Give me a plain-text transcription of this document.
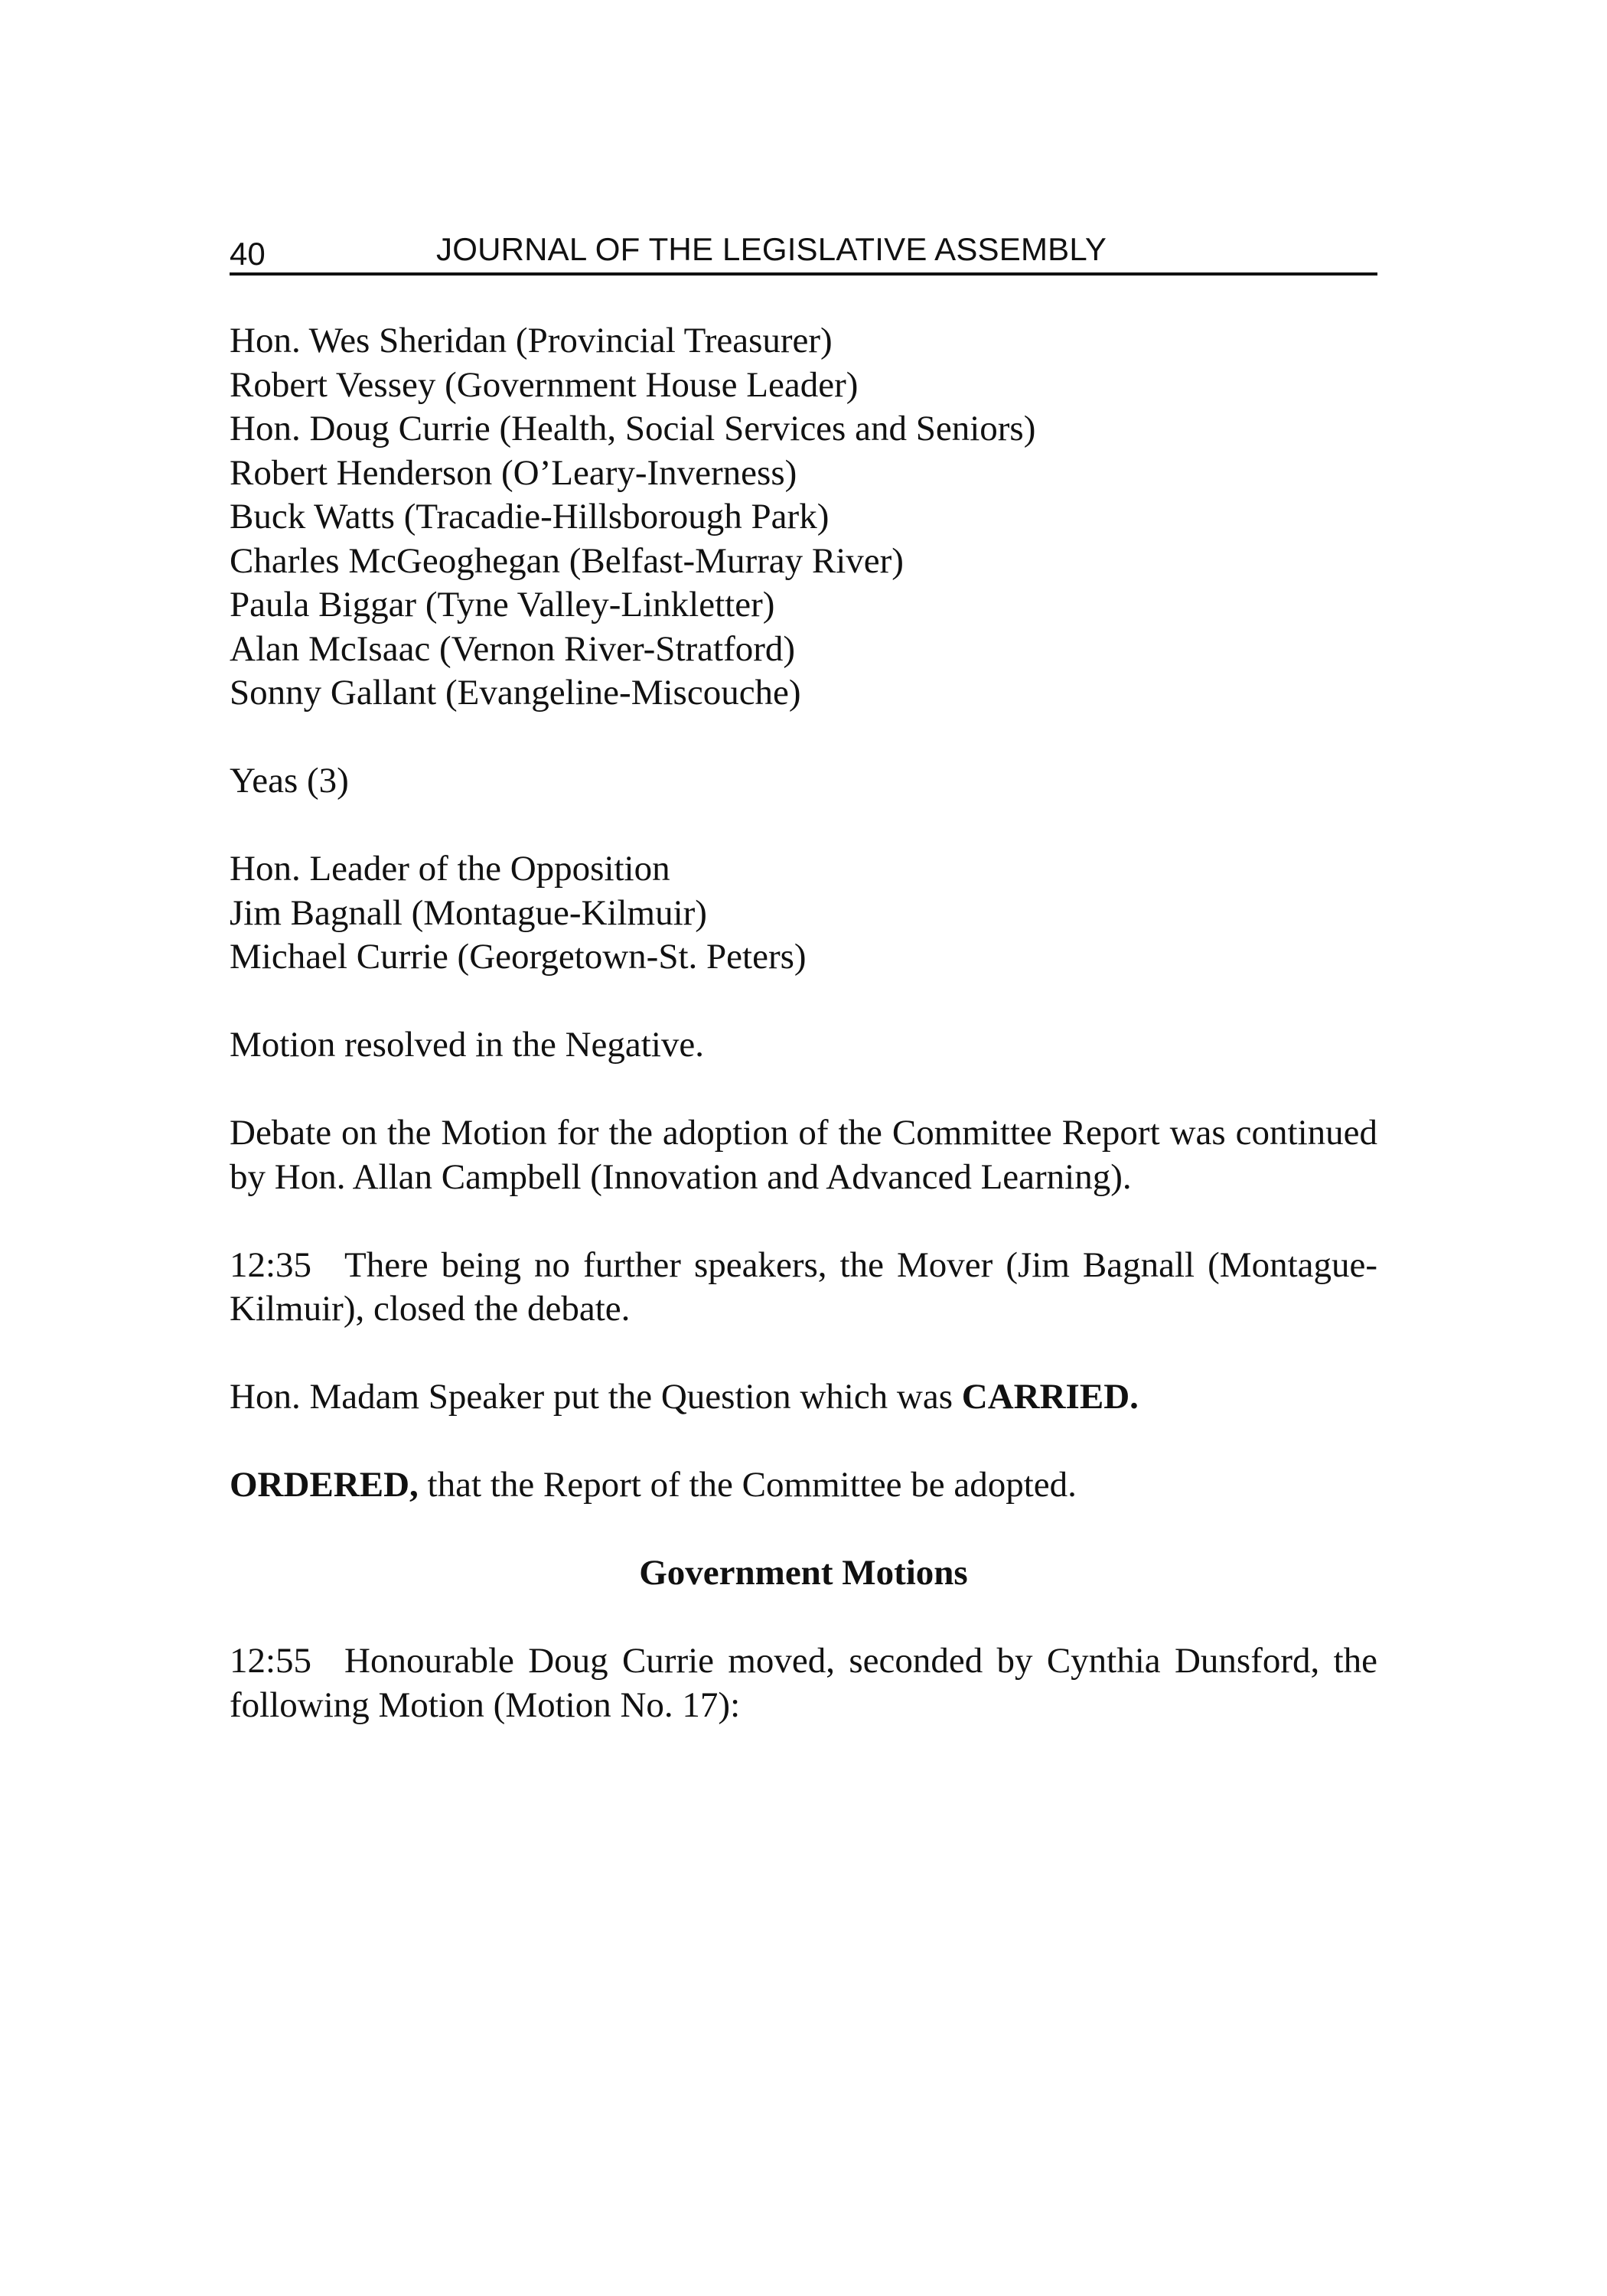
40	JOURNAL OF THE LEGISLATIVE ASSEMBLY
Hon. Wes Sheridan (Provincial Treasurer)
Robert Vessey (Government House Leader)
Hon. Doug Currie (Health, Social Services and Seniors)
Robert Henderson (O’Leary-Inverness)
Buck Watts (Tracadie-Hillsborough Park)
Charles McGeoghegan (Belfast-Murray River)
Paula Biggar (Tyne Valley-Linkletter)
Alan McIsaac (Vernon River-Stratford)
Sonny Gallant (Evangeline-Miscouche)

Yeas (3)

Hon. Leader of the Opposition
Jim Bagnall (Montague-Kilmuir)
Michael Currie (Georgetown-St. Peters)

Motion resolved in the Negative.

Debate on the Motion for the adoption of the Committee Report was continued by Hon. Allan Campbell (Innovation and Advanced Learning).

12:35 There being no further speakers, the Mover (Jim Bagnall (Montague-Kilmuir), closed the debate.

Hon. Madam Speaker put the Question which was CARRIED.

ORDERED, that the Report of the Committee be adopted.

Government Motions

12:55 Honourable Doug Currie moved, seconded by Cynthia Dunsford, the following Motion (Motion No. 17):
